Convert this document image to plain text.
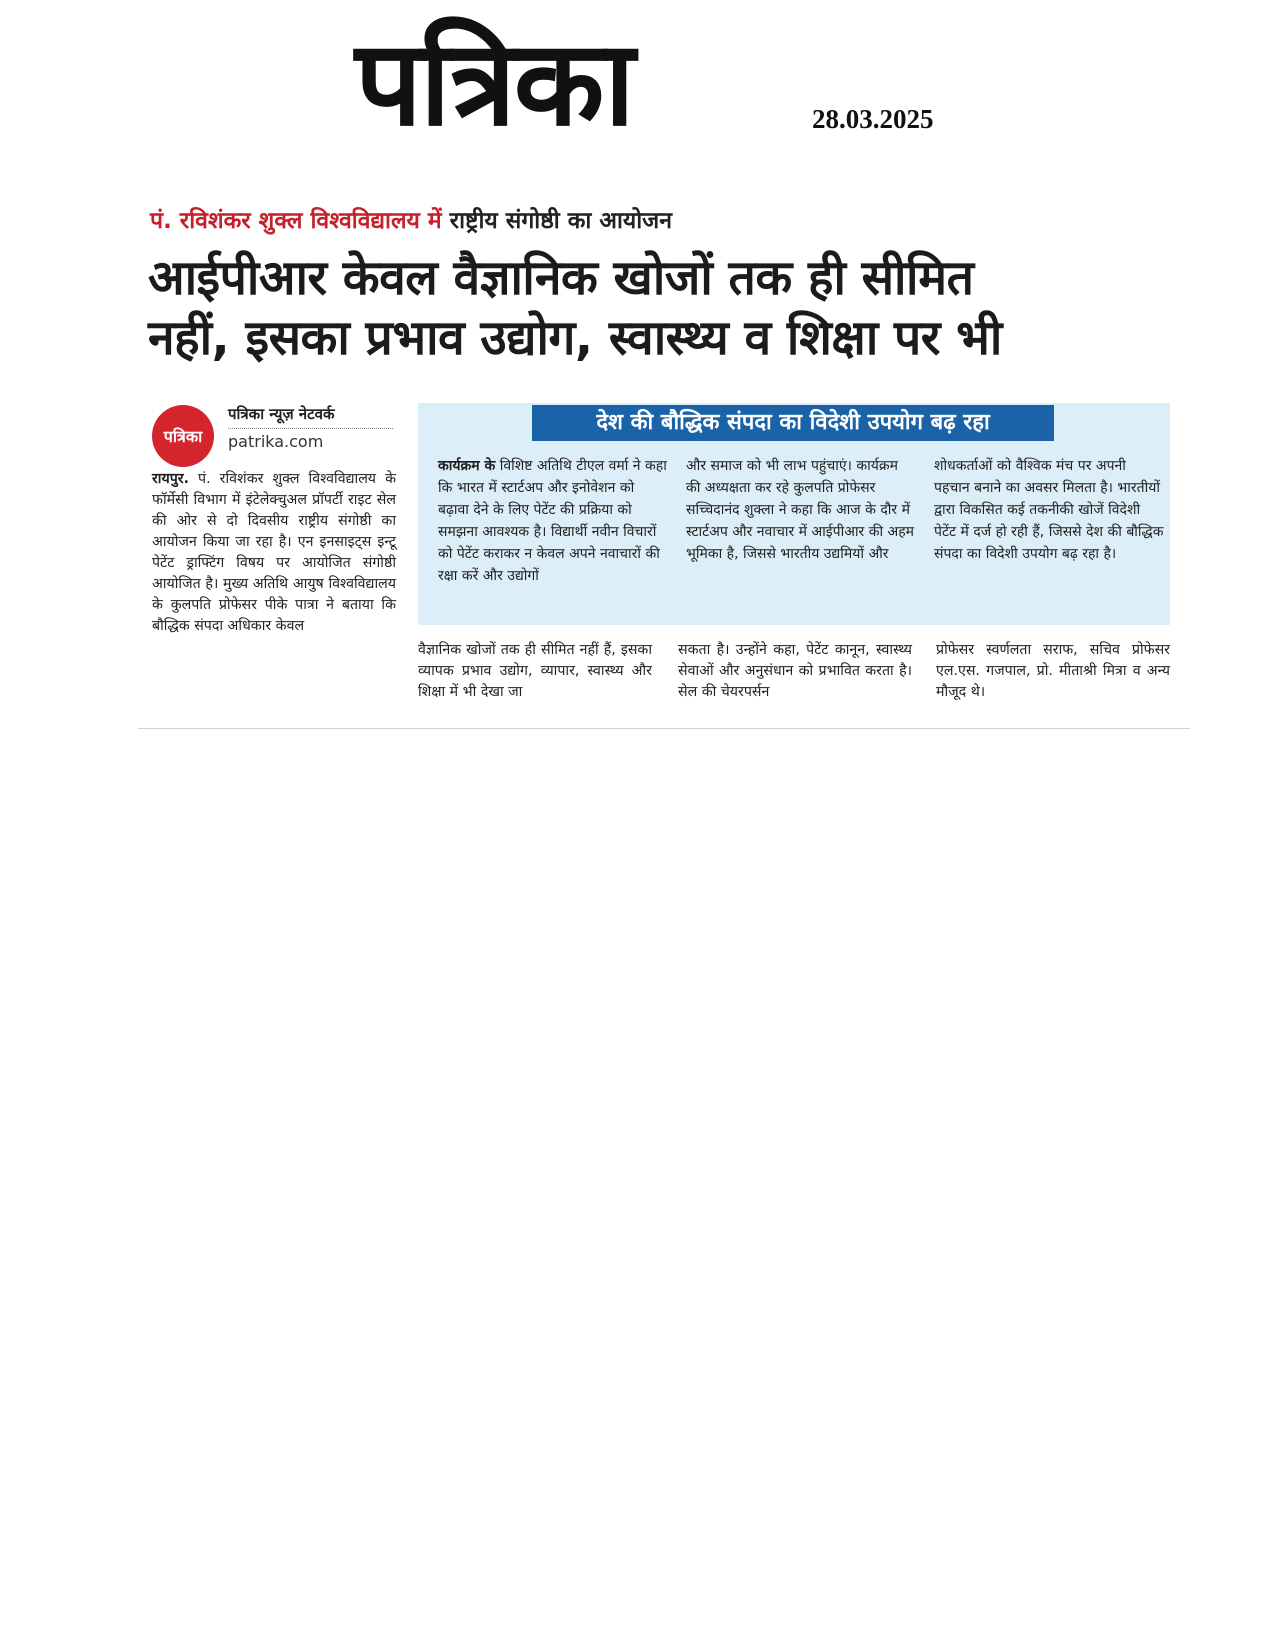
पत्रिका	28.03.2025
पं. रविशंकर शुक्ल विश्वविद्यालय में राष्ट्रीय संगोष्ठी का आयोजन
आईपीआर केवल वैज्ञानिक खोजों तक ही सीमित
नहीं, इसका प्रभाव उद्योग, स्वास्थ्य व शिक्षा पर भी
पत्रिका
पत्रिका न्यूज़ नेटवर्क
patrika.com
रायपुर. पं. रविशंकर शुक्ल विश्वविद्यालय के फॉर्मेसी विभाग में इंटेलेक्चुअल प्रॉपर्टी राइट सेल की ओर से दो दिवसीय राष्ट्रीय संगोष्ठी का आयोजन किया जा रहा है। एन इनसाइट्स इन्टू पेटेंट ड्राफ्टिंग विषय पर आयोजित संगोष्ठी आयोजित है। मुख्य अतिथि आयुष विश्वविद्यालय के कुलपति प्रोफेसर पीके पात्रा ने बताया कि बौद्धिक संपदा अधिकार केवल
देश की बौद्धिक संपदा का विदेशी उपयोग बढ़ रहा
कार्यक्रम के विशिष्ट अतिथि टीएल वर्मा ने कहा कि भारत में स्टार्टअप और इनोवेशन को बढ़ावा देने के लिए पेटेंट की प्रक्रिया को समझना आवश्यक है। विद्यार्थी नवीन विचारों को पेटेंट कराकर न केवल अपने नवाचारों की रक्षा करें और उद्योगों
और समाज को भी लाभ पहुंचाएं। कार्यक्रम की अध्यक्षता कर रहे कुलपति प्रोफेसर सच्चिदानंद शुक्ला ने कहा कि आज के दौर में स्टार्टअप और नवाचार में आईपीआर की अहम भूमिका है, जिससे भारतीय उद्यमियों और
शोधकर्ताओं को वैश्विक मंच पर अपनी पहचान बनाने का अवसर मिलता है। भारतीयों द्वारा विकसित कई तकनीकी खोजें विदेशी पेटेंट में दर्ज हो रही हैं, जिससे देश की बौद्धिक संपदा का विदेशी उपयोग बढ़ रहा है।
वैज्ञानिक खोजों तक ही सीमित नहीं हैं, इसका व्यापक प्रभाव उद्योग, व्यापार, स्वास्थ्य और शिक्षा में भी देखा जा
सकता है। उन्होंने कहा, पेटेंट कानून, स्वास्थ्य सेवाओं और अनुसंधान को प्रभावित करता है। सेल की चेयरपर्सन
प्रोफेसर स्वर्णलता सराफ, सचिव प्रोफेसर एल.एस. गजपाल, प्रो. मीताश्री मित्रा व अन्य मौजूद थे।
